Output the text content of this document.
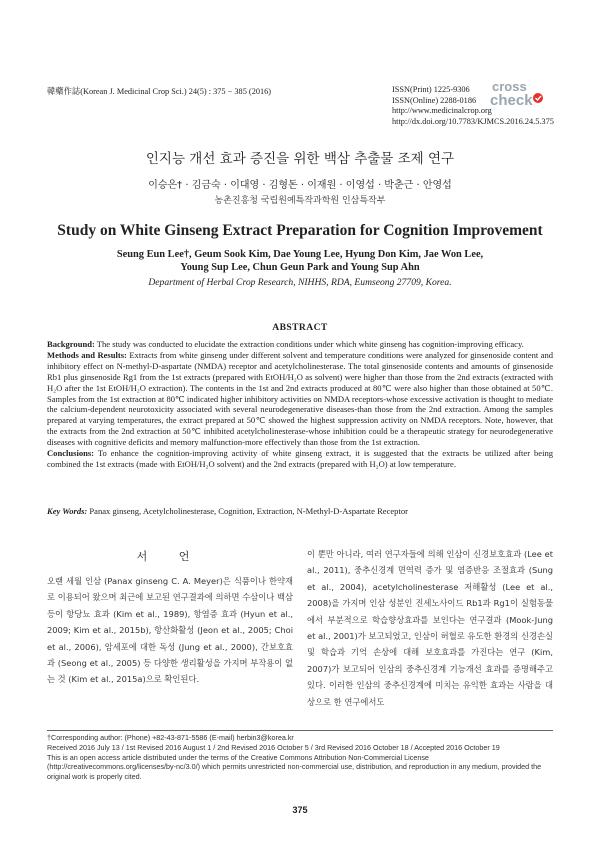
韓藥作誌(Korean J. Medicinal Crop Sci.) 24(5) : 375 − 385 (2016)	ISSN(Print) 1225-9306
ISSN(Online) 2288-0186
http://www.medicinalcrop.org
http://dx.doi.org/10.7783/KJMCS.2016.24.5.375
cross
check
인지능 개선 효과 증진을 위한 백삼 추출물 조제 연구
이승은† · 김금숙 · 이대영 · 김형돈 · 이재원 · 이영섭 · 박춘근 · 안영섭
농촌진흥청 국립원예특작과학원 인삼특작부
Study on White Ginseng Extract Preparation for Cognition Improvement
Seung Eun Lee†, Geum Sook Kim, Dae Young Lee, Hyung Don Kim, Jae Won Lee,
Young Sup Lee, Chun Geun Park and Young Sup Ahn
Department of Herbal Crop Research, NIHHS, RDA, Eumseong 27709, Korea.
ABSTRACT

Background: The study was conducted to elucidate the extraction conditions under which white ginseng has cognition-improving efficacy.

Methods and Results: Extracts from white ginseng under different solvent and temperature conditions were analyzed for ginsenoside content and inhibitory effect on N-methyl-D-aspartate (NMDA) receptor and acetylcholinesterase. The total ginsenoside contents and amounts of ginsenoside Rb1 plus ginsenoside Rg1 from the 1st extracts (prepared with EtOH/H₂O as solvent) were higher than those from the 2nd extracts (extracted with H₂O after the 1st EtOH/H₂O extraction). The contents in the 1st and 2nd extracts produced at 80℃ were also higher than those obtained at 50℃. Samples from the 1st extraction at 80℃ indicated higher inhibitory activities on NMDA receptors-whose excessive activation is thought to mediate the calcium-dependent neurotoxicity associated with several neurodegenerative diseases-than those from the 2nd extraction. Among the samples prepared at varying temperatures, the extract prepared at 50℃ showed the highest suppression activity on NMDA receptors. Note, however, that the extracts from the 2nd extraction at 50℃ inhibited acetylcholinesterase-whose inhibition could be a therapeutic strategy for neurodegenerative diseases with cognitive deficits and memory malfunction-more effectively than those from the 1st extraction.

Conclusions: To enhance the cognition-improving activity of white ginseng extract, it is suggested that the extracts be utilized after being combined the 1st extracts (made with EtOH/H₂O solvent) and the 2nd extracts (prepared with H₂O) at low temperature.

Key Words: Panax ginseng, Acetylcholinesterase, Cognition, Extraction, N-Methyl-D-Aspartate Receptor
서 언
오랜 세월 인삼 (Panax ginseng C. A. Meyer)은 식품이나 한약재로 이용되어 왔으며 최근에 보고된 연구결과에 의하면 수삼이나 백삼 등이 항당뇨 효과 (Kim et al., 1989), 항염증 효과 (Hyun et al., 2009; Kim et al., 2015b), 항산화활성 (Jeon et al., 2005; Choi et al., 2006), 암세포에 대한 독성 (Jung et al., 2000), 간보호효과 (Seong et al., 2005) 등 다양한 생리활성을 가지며 부작용이 없는 것 (Kim et al., 2015a)으로 확인된다.
이 뿐만 아니라, 여러 연구자들에 의해 인삼이 신경보호효과 (Lee et al., 2011), 중추신경계 면역력 증가 및 염증반응 조절효과 (Sung et al., 2004), acetylcholinesterase 저해활성 (Lee et al., 2008)을 가지며 인삼 성분인 진세노사이드 Rb1과 Rg1이 실험동물에서 부분적으로 학습향상효과를 보인다는 연구결과 (Mook-Jung et al., 2001)가 보고되었고, 인삼이 허혈로 유도한 환경의 신경손실 및 학습과 기억 손상에 대해 보호효과를 가진다는 연구 (Kim, 2007)가 보고되어 인삼의 중추신경계 기능개선 효과를 증명해주고 있다. 이러한 인삼의 중추신경계에 미치는 유익한 효과는 사람을 대상으로 한 연구에서도
†Corresponding author: (Phone) +82-43-871-5586 (E-mail) herbin3@korea.kr
Received 2016 July 13 / 1st Revised 2016 August 1 / 2nd Revised 2016 October 5 / 3rd Revised 2016 October 18 / Accepted 2016 October 19
This is an open access article distributed under the terms of the Creative Commons Attribution Non-Commercial License (http://creativecommons.org/licenses/by-nc/3.0/) which permits unrestricted non-commercial use, distribution, and reproduction in any medium, provided the original work is properly cited.
375
